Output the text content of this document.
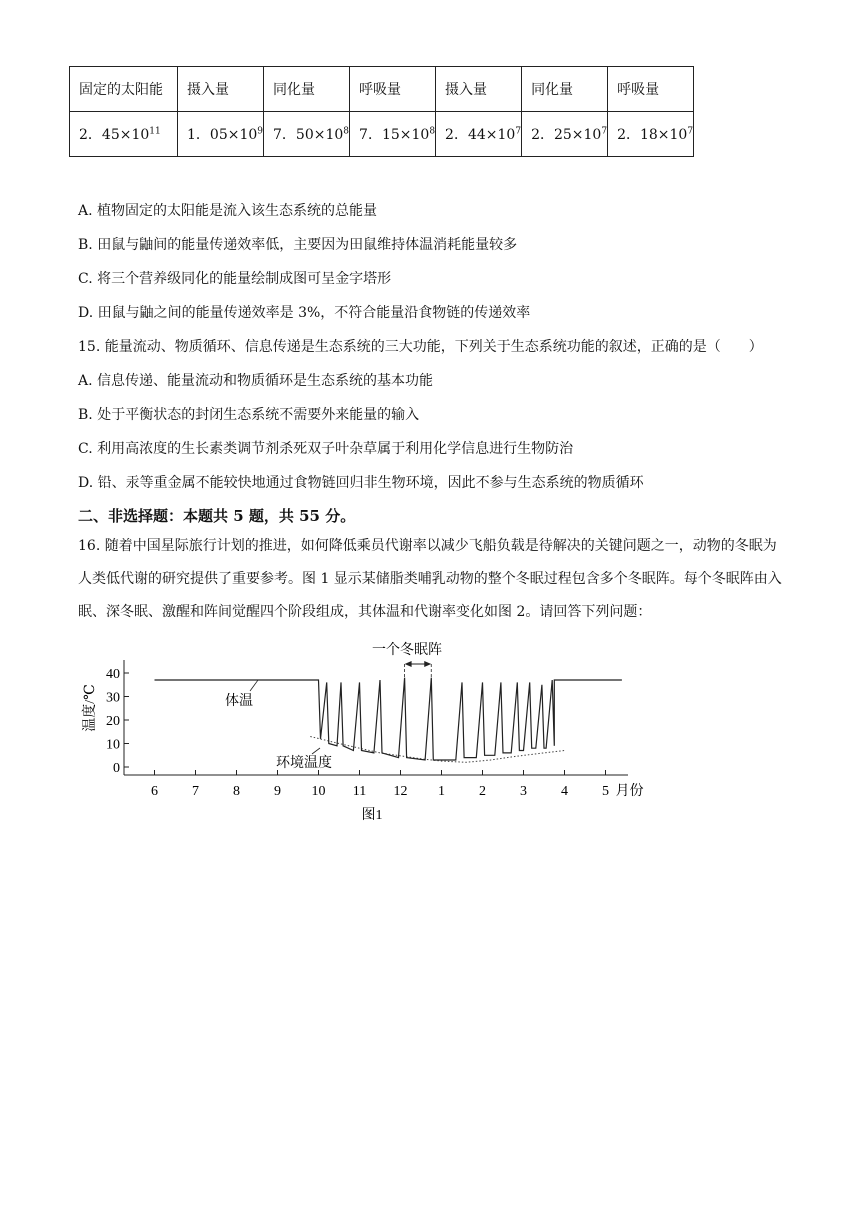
固定的太阳能	摄入量	同化量	呼吸量	摄入量	同化量	呼吸量
2．$45\times 10^{11}$	1．$05\times 10^9$	7．$50\times 10^8$	7．$15\times 10^8$	2．$44\times 10^7$	2．$25\times 10^7$	2．$18\times 10^7$
A. 植物固定的太阳能是流入该生态系统的总能量
B. 田鼠与鼬间的能量传递效率低，主要因为田鼠维持体温消耗能量较多
C. 将三个营养级同化的能量绘制成图可呈金字塔形
D. 田鼠与鼬之间的能量传递效率是 3%，不符合能量沿食物链的传递效率
15. 能量流动、物质循环、信息传递是生态系统的三大功能，下列关于生态系统功能的叙述，正确的是（　　）
A. 信息传递、能量流动和物质循环是生态系统的基本功能
B. 处于平衡状态的封闭生态系统不需要外来能量的输入
C. 利用高浓度的生长素类调节剂杀死双子叶杂草属于利用化学信息进行生物防治
D. 铅、汞等重金属不能较快地通过食物链回归非生物环境，因此不参与生态系统的物质循环
二、非选择题：本题共 5 题，共 55 分。
16. 随着中国星际旅行计划的推进，如何降低乘员代谢率以减少飞船负载是待解决的关键问题之一，动物的冬眠为人类低代谢的研究提供了重要参考。图 1 显示某储脂类哺乳动物的整个冬眠过程包含多个冬眠阵。每个冬眠阵由入眠、深冬眠、激醒和阵间觉醒四个阶段组成，其体温和代谢率变化如图 2。请回答下列问题：
0
10
20
30
40
6 7 8 9 10 11 12 1 2 3 4 5
温度/℃
月份
体温
环境温度
一个冬眠阵
图1
